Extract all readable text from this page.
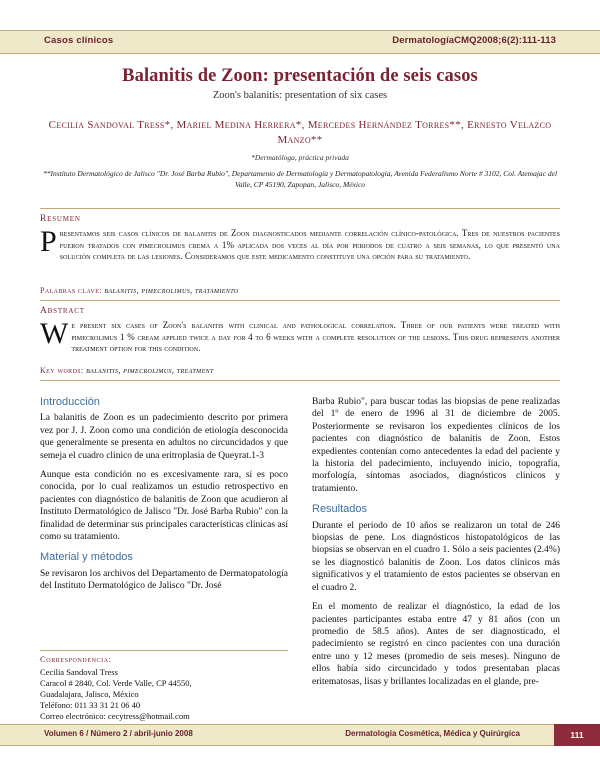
Casos clínicos	DermatologíaCMQ2008;6(2):111-113
Balanitis de Zoon: presentación de seis casos
Zoon's balanitis: presentation of six cases
Cecilia Sandoval Tress*, Mariel Medina Herrera*, Mercedes Hernández Torres**, Ernesto Velazco Manzo**
*Dermatóloga, práctica privada
**Instituto Dermatológico de Jalisco "Dr. José Barba Rubio", Departamento de Dermatología y Dermatopatología, Avenida Federalismo Norte # 3102, Col. Atemajac del Valle, CP 45190, Zapopan, Jalisco, México
Resumen
Presentamos seis casos clínicos de balanitis de Zoon diagnosticados mediante correlación clínico-patológica. Tres de nuestros pacientes fueron tratados con pimecrolimus crema a 1% aplicada dos veces al día por periodos de cuatro a seis semanas, lo que presentó una solución completa de las lesiones. Consideramos que este medicamento constituye una opción para su tratamiento.
Palabras clave: balanitis, pimecrolimus, tratamiento
Abstract
We present six cases of Zoon's balanitis with clinical and pathological correlation. Three of our patients were treated with pimecrolimus 1 % cream applied twice a day for 4 to 6 weeks with a complete resolution of the lesions. This drug represents another treatment option for this condition.
Key words: balanitis, pimecrolimus, treatment
Introducción

La balanitis de Zoon es un padecimiento descrito por primera vez por J. J. Zoon como una condición de etiología desconocida que generalmente se presenta en adultos no circuncidados y que semeja el cuadro clínico de una eritroplasia de Queyrat.1-3

Aunque esta condición no es excesivamente rara, sí es poco conocida, por lo cual realizamos un estudio retrospectivo en pacientes con diagnóstico de balanitis de Zoon que acudieron al Instituto Dermatológico de Jalisco "Dr. José Barba Rubio" con la finalidad de determinar sus principales características clínicas así como su tratamiento.

Material y métodos

Se revisaron los archivos del Departamento de Dermatopatología del Instituto Dermatológico de Jalisco "Dr. José

Barba Rubio", para buscar todas las biopsias de pene realizadas del 1º de enero de 1996 al 31 de diciembre de 2005. Posteriormente se revisaron los expedientes clínicos de los pacientes con diagnóstico de balanitis de Zoon. Estos expedientes contenían como antecedentes la edad del paciente y la historia del padecimiento, incluyendo inicio, topografía, morfología, síntomas asociados, diagnósticos clínicos y tratamiento.

Resultados

Durante el periodo de 10 años se realizaron un total de 246 biopsias de pene. Los diagnósticos histopatológicos de las biopsias se observan en el cuadro 1. Sólo a seis pacientes (2.4%) se les diagnosticó balanitis de Zoon. Los datos clínicos más significativos y el tratamiento de estos pacientes se observan en el cuadro 2.

En el momento de realizar el diagnóstico, la edad de los pacientes participantes estaba entre 47 y 81 años (con un promedio de 58.5 años). Antes de ser diagnosticado, el padecimiento se registró en cinco pacientes con una duración entre uno y 12 meses (promedio de seis meses). Ninguno de ellos había sido circuncidado y todos presentaban placas eritematosas, lisas y brillantes localizadas en el glande, pre-

Correspondencia:
Cecilia Sandoval Tress
Caracol # 2840, Col. Verde Valle, CP 44550,
Guadalajara, Jalisco, México
Teléfono: 011 33 31 21 06 40
Correo electrónico: cecytress@hotmail.com
Volumen 6 / Número 2 / abril-junio 2008	Dermatología Cosmética, Médica y Quirúrgica	111
